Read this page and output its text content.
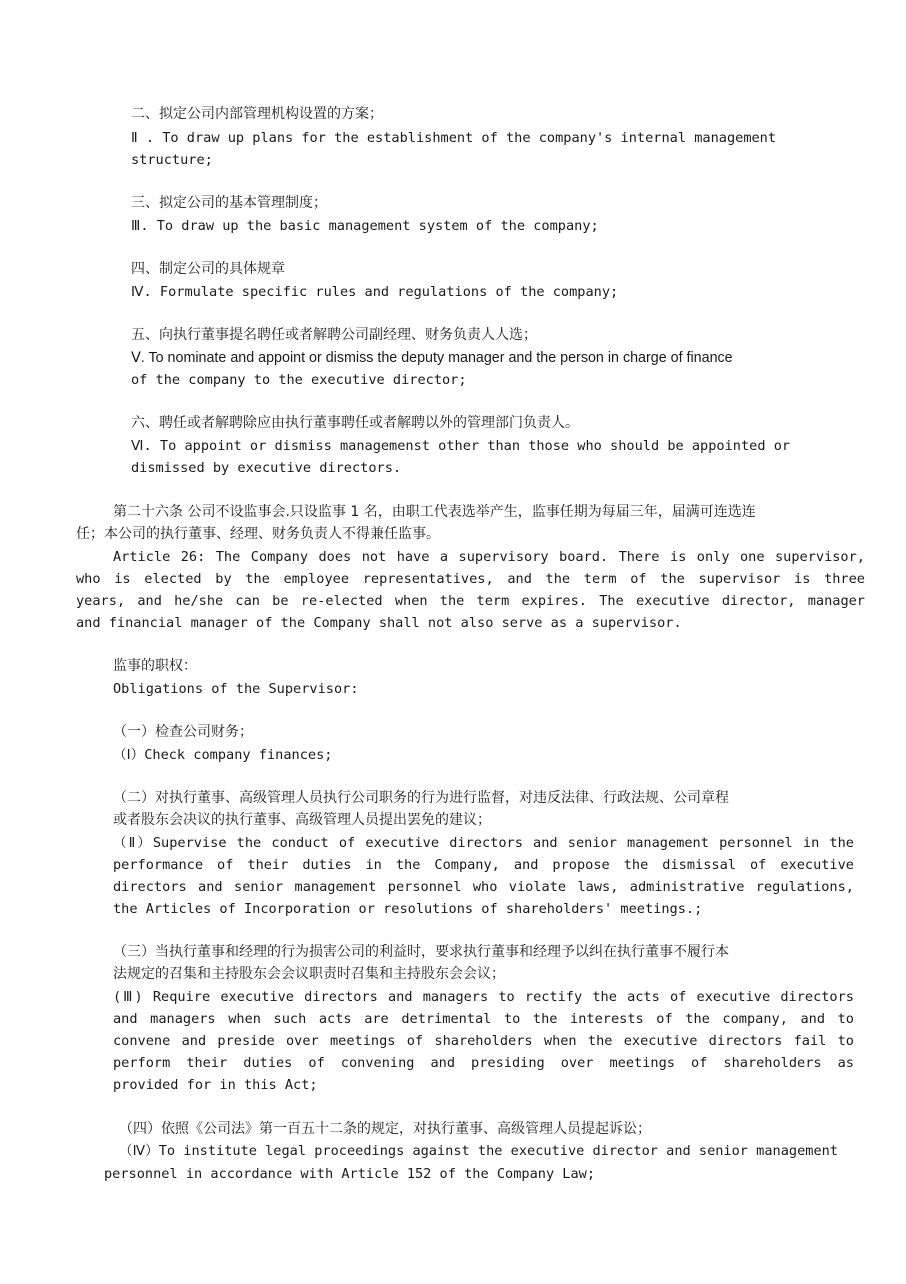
二、拟定公司内部管理机构设置的方案；
Ⅱ . To draw up plans for the establishment of the company's internal management
structure;
三、拟定公司的基本管理制度；
Ⅲ. To draw up the basic management system of the company;
四、制定公司的具体规章
Ⅳ. Formulate specific rules and regulations of the company;
五、向执行董事提名聘任或者解聘公司副经理、财务负责人人选；
Ⅴ. To nominate and appoint or dismiss the deputy manager and the person in charge of finance
of the company to the executive director;
六、聘任或者解聘除应由执行董事聘任或者解聘以外的管理部门负责人。
Ⅵ. To appoint or dismiss managemenst other than those who should be appointed or
dismissed by executive directors.
第二十六条 公司不设监事会.只设监事 1 名，由职工代表选举产生，监事任期为每届三年，届满可连选连
任；本公司的执行董事、经理、财务负责人不得兼任监事。
Article 26: The Company does not have a supervisory board. There is only one supervisor,
who is elected by the employee representatives, and the term of the supervisor is three
years, and he/she can be re-elected when the term expires. The executive director, manager
and financial manager of the Company shall not also serve as a supervisor.
监事的职权：
Obligations of the Supervisor:
（一）检查公司财务；
（Ⅰ）Check company finances;
（二）对执行董事、高级管理人员执行公司职务的行为进行监督，对违反法律、行政法规、公司章程
或者股东会决议的执行董事、高级管理人员提出罢免的建议；
（Ⅱ）Supervise the conduct of executive directors and senior management personnel in the
performance of their duties in the Company, and propose the dismissal of executive
directors and senior management personnel who violate laws, administrative regulations,
the Articles of Incorporation or resolutions of shareholders' meetings.;
（三）当执行董事和经理的行为损害公司的利益时，要求执行董事和经理予以纠在执行董事不履行本
法规定的召集和主持股东会会议职责时召集和主持股东会会议；
(Ⅲ) Require executive directors and managers to rectify the acts of executive directors
and managers when such acts are detrimental to the interests of the company, and to
convene and preside over meetings of shareholders when the executive directors fail to
perform their duties of convening and presiding over meetings of shareholders as
provided for in this Act;
（四）依照《公司法》第一百五十二条的规定，对执行董事、高级管理人员提起诉讼；
（Ⅳ）To institute legal proceedings against the executive director and senior management
personnel in accordance with Article 152 of the Company Law;
